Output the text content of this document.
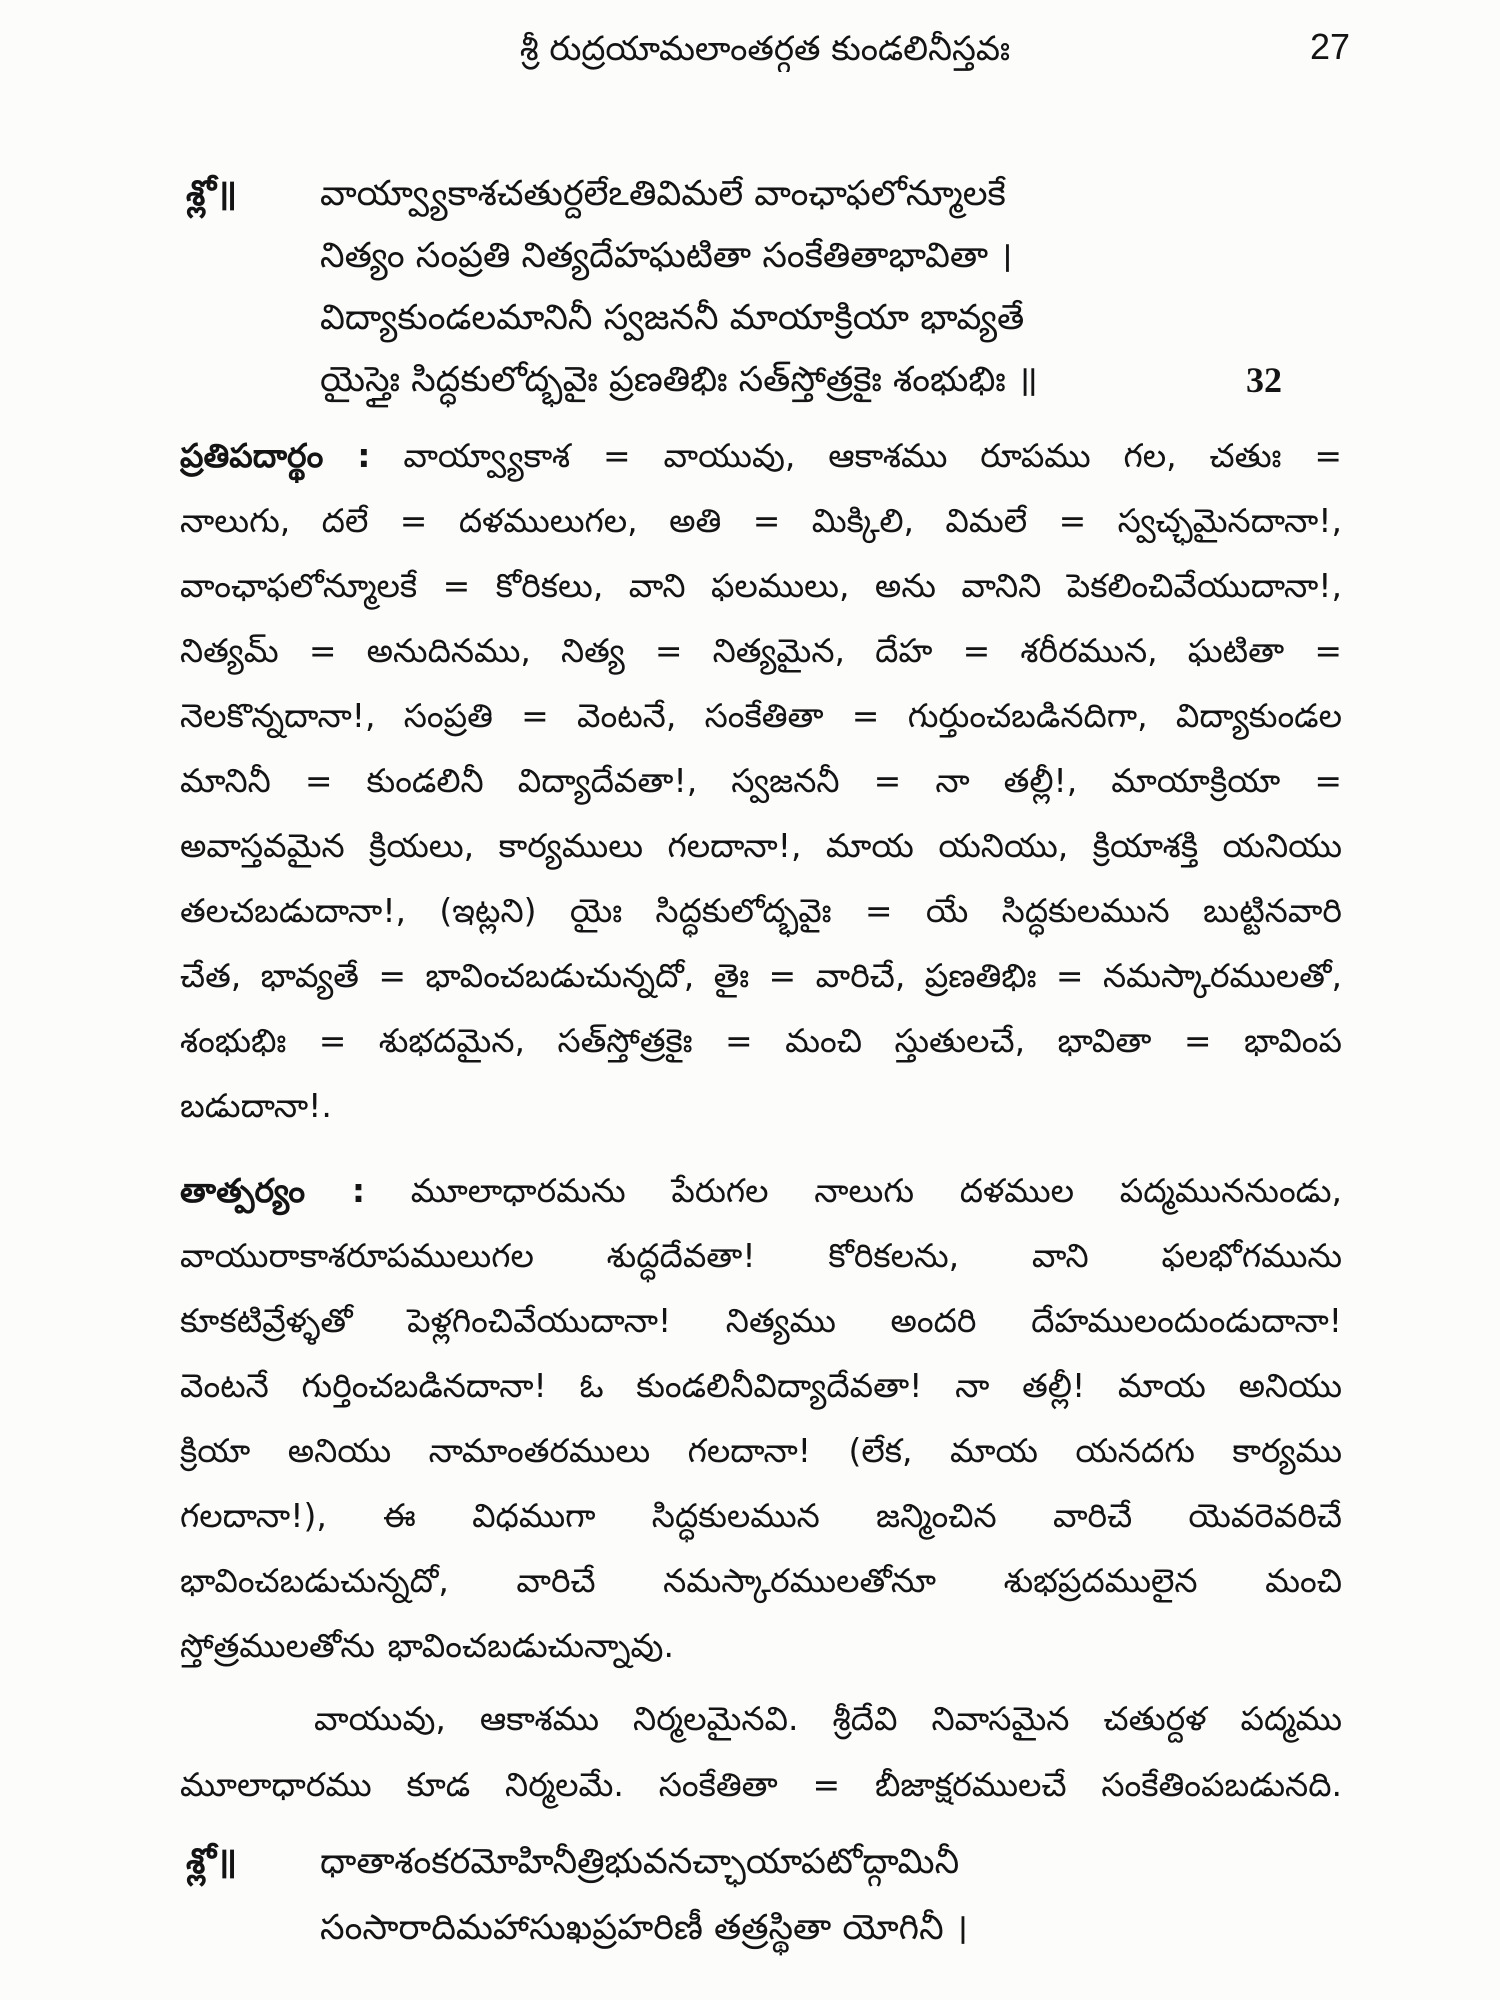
శ్రీ రుద్రయామలాంతర్గత కుండలినీస్తవః	27
శ్లో॥ వాయ్వ్యాకాశచతుర్దలేఽతివిమలే వాంఛాఫలోన్మూలకే
నిత్యం సంప్రతి నిత్యదేహఘటితా సంకేతితాభావితా ।
విద్యాకుండలమానినీ స్వజననీ మాయాక్రియా భావ్యతే
యైస్తైః సిద్ధకులోద్భవైః ప్రణతిభిః సత్‌స్తోత్రకైః శంభుభిః ॥	32
ప్రతిపదార్థం : వాయ్వ్యాకాశ = వాయువు, ఆకాశము రూపము గల, చతుః =
నాలుగు, దలే = దళములుగల, అతి = మిక్కిలి, విమలే = స్వచ్ఛమైనదానా!,
వాంఛాఫలోన్మూలకే = కోరికలు, వాని ఫలములు, అను వానిని పెకలించివేయుదానా!,
నిత్యమ్ = అనుదినము, నిత్య = నిత్యమైన, దేహ = శరీరమున, ఘటితా =
నెలకొన్నదానా!, సంప్రతి = వెంటనే, సంకేతితా = గుర్తుంచబడినదిగా, విద్యాకుండల
మానినీ = కుండలినీ విద్యాదేవతా!, స్వజననీ = నా తల్లీ!, మాయాక్రియా =
అవాస్తవమైన క్రియలు, కార్యములు గలదానా!, మాయ యనియు, క్రియాశక్తి యనియు
తలచబడుదానా!, (ఇట్లని) యైః సిద్ధకులోద్భవైః = యే సిద్ధకులమున బుట్టినవారి
చేత, భావ్యతే = భావించబడుచున్నదో, తైః = వారిచే, ప్రణతిభిః = నమస్కారములతో,
శంభుభిః = శుభదమైన, సత్‌స్తోత్రకైః = మంచి స్తుతులచే, భావితా = భావింప
బడుదానా!.
తాత్పర్యం : మూలాధారమను పేరుగల నాలుగు దళముల పద్మముననుండు,
వాయురాకాశరూపములుగల శుద్ధదేవతా! కోరికలను, వాని ఫలభోగమును
కూకటివ్రేళ్ళతో పెళ్లగించివేయుదానా! నిత్యము అందరి దేహములందుండుదానా!
వెంటనే గుర్తించబడినదానా! ఓ కుండలినీవిద్యాదేవతా! నా తల్లీ! మాయ అనియు
క్రియా అనియు నామాంతరములు గలదానా! (లేక, మాయ యనదగు కార్యము
గలదానా!), ఈ విధముగా సిద్ధకులమున జన్మించిన వారిచే యెవరెవరిచే
భావించబడుచున్నదో, వారిచే నమస్కారములతోనూ శుభప్రదములైన మంచి
స్తోత్రములతోను భావించబడుచున్నావు.
వాయువు, ఆకాశము నిర్మలమైనవి. శ్రీదేవి నివాసమైన చతుర్దళ పద్మము
మూలాధారము కూడ నిర్మలమే. సంకేతితా = బీజాక్షరములచే సంకేతింపబడునది.
శ్లో॥ ధాతాశంకరమోహినీత్రిభువనచ్ఛాయాపటోద్గామినీ
సంసారాదిమహాసుఖప్రహరిణీ తత్రస్థితా యోగినీ ।
